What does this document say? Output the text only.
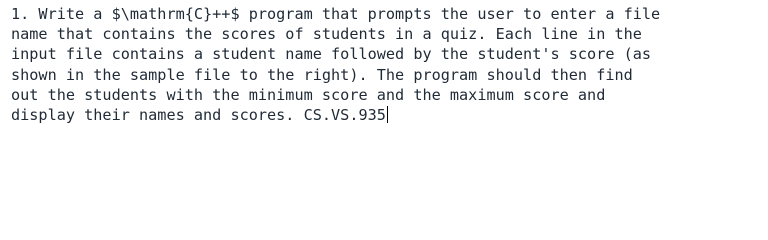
1. Write a $\mathrm{C}++$ program that prompts the user to enter a file
name that contains the scores of students in a quiz. Each line in the
input file contains a student name followed by the student's score (as
shown in the sample file to the right). The program should then find
out the students with the minimum score and the maximum score and
display their names and scores. CS.VS.935
